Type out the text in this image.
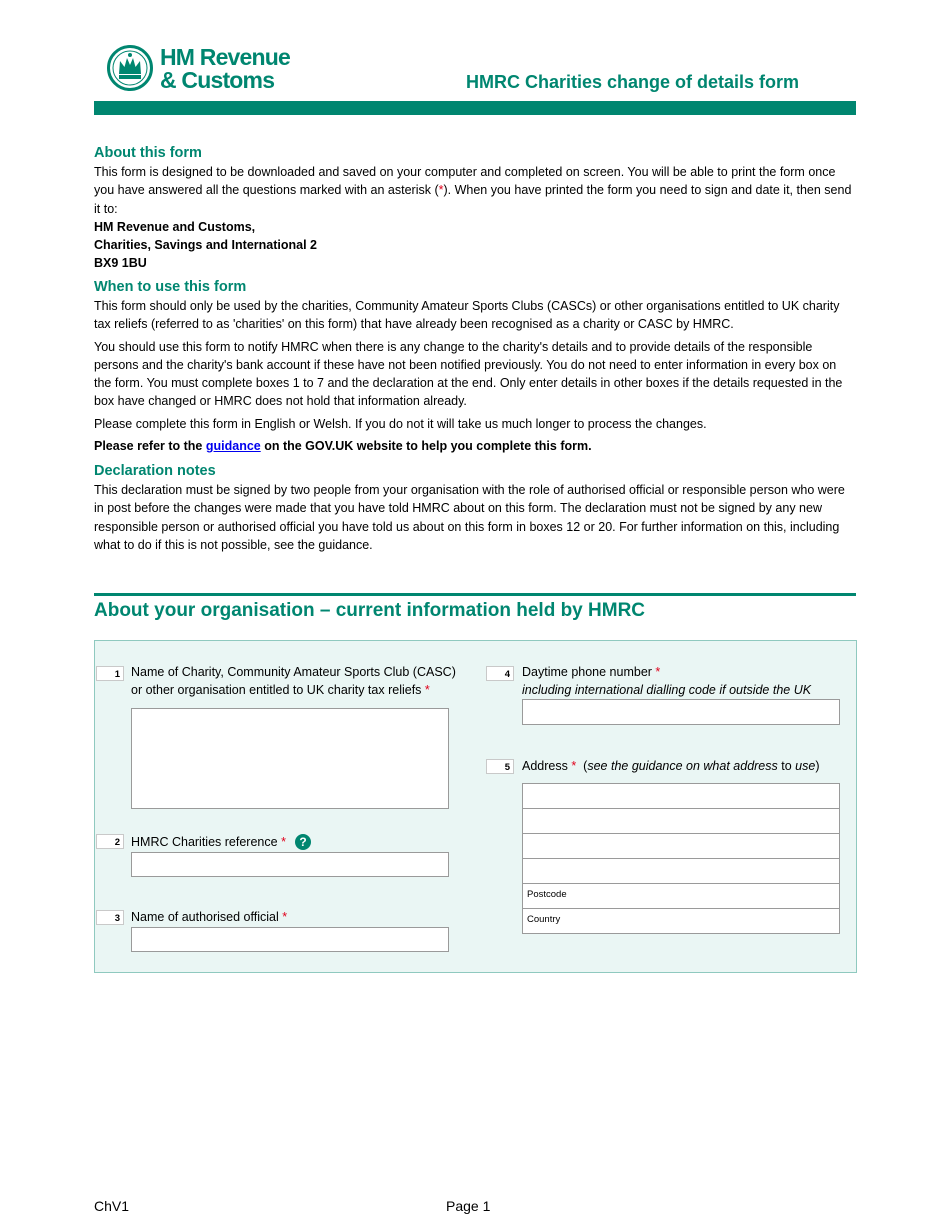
HM Revenue
& Customs	HMRC Charities change of details form
About this form

This form is designed to be downloaded and saved on your computer and completed on screen. You will be able to print the form once you have answered all the questions marked with an asterisk (*). When you have printed the form you need to sign and date it, then send it to:

HM Revenue and Customs,
Charities, Savings and International 2
BX9 1BU
When to use this form

This form should only be used by the charities, Community Amateur Sports Clubs (CASCs) or other organisations entitled to UK charity tax reliefs (referred to as 'charities' on this form) that have already been recognised as a charity or CASC by HMRC.

You should use this form to notify HMRC when there is any change to the charity's details and to provide details of the responsible persons and the charity's bank account if these have not been notified previously. You do not need to enter information in every box on the form. You must complete boxes 1 to 7 and the declaration at the end. Only enter details in other boxes if the details requested in the box have changed or HMRC does not hold that information already.

Please complete this form in English or Welsh. If you do not it will take us much longer to process the changes.

Please refer to the guidance on the GOV.UK website to help you complete this form.

Declaration notes

This declaration must be signed by two people from your organisation with the role of authorised official or responsible person who were in post before the changes were made that you have told HMRC about on this form. The declaration must not be signed by any new responsible person or authorised official you have told us about on this form in boxes 12 or 20. For further information on this, including what to do if this is not possible, see the guidance.

About your organisation – current information held by HMRC
1 Name of Charity, Community Amateur Sports Club (CASC)
or other organisation entitled to UK charity tax reliefs *
2 HMRC Charities reference *	?
3 Name of authorised official *
4 Daytime phone number *
including international dialling code if outside the UK
5 Address * (see the guidance on what address to use)
Postcode
Country
ChV1	Page 1
